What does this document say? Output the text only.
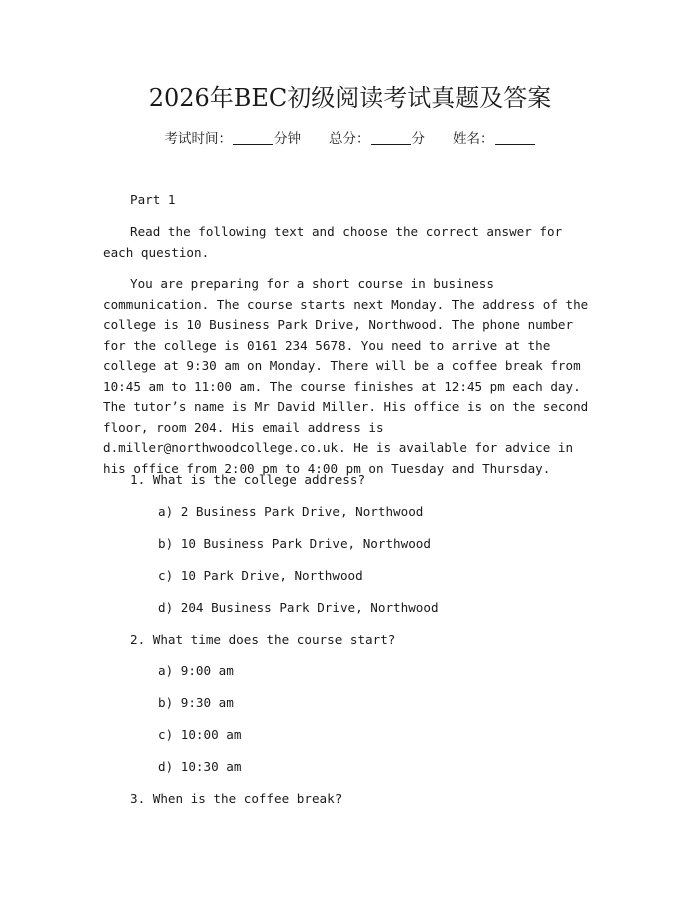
2026年BEC初级阅读考试真题及答案
考试时间：	分钟 总分：	分 姓名：

Part 1

Read the following text and choose the correct answer for each question.

You are preparing for a short course in business communication. The course starts next Monday. The address of the college is 10 Business Park Drive, Northwood. The phone number for the college is 0161 234 5678. You need to arrive at the college at 9:30 am on Monday. There will be a coffee break from 10:45 am to 11:00 am. The course finishes at 12:45 pm each day. The tutor’s name is Mr David Miller. His office is on the second floor, room 204. His email address is d.miller@northwoodcollege.co.uk. He is available for advice in his office from 2:00 pm to 4:00 pm on Tuesday and Thursday.

1. What is the college address?
a) 2 Business Park Drive, Northwood
b) 10 Business Park Drive, Northwood
c) 10 Park Drive, Northwood
d) 204 Business Park Drive, Northwood
2. What time does the course start?
a) 9:00 am
b) 9:30 am
c) 10:00 am
d) 10:30 am
3. When is the coffee break?
